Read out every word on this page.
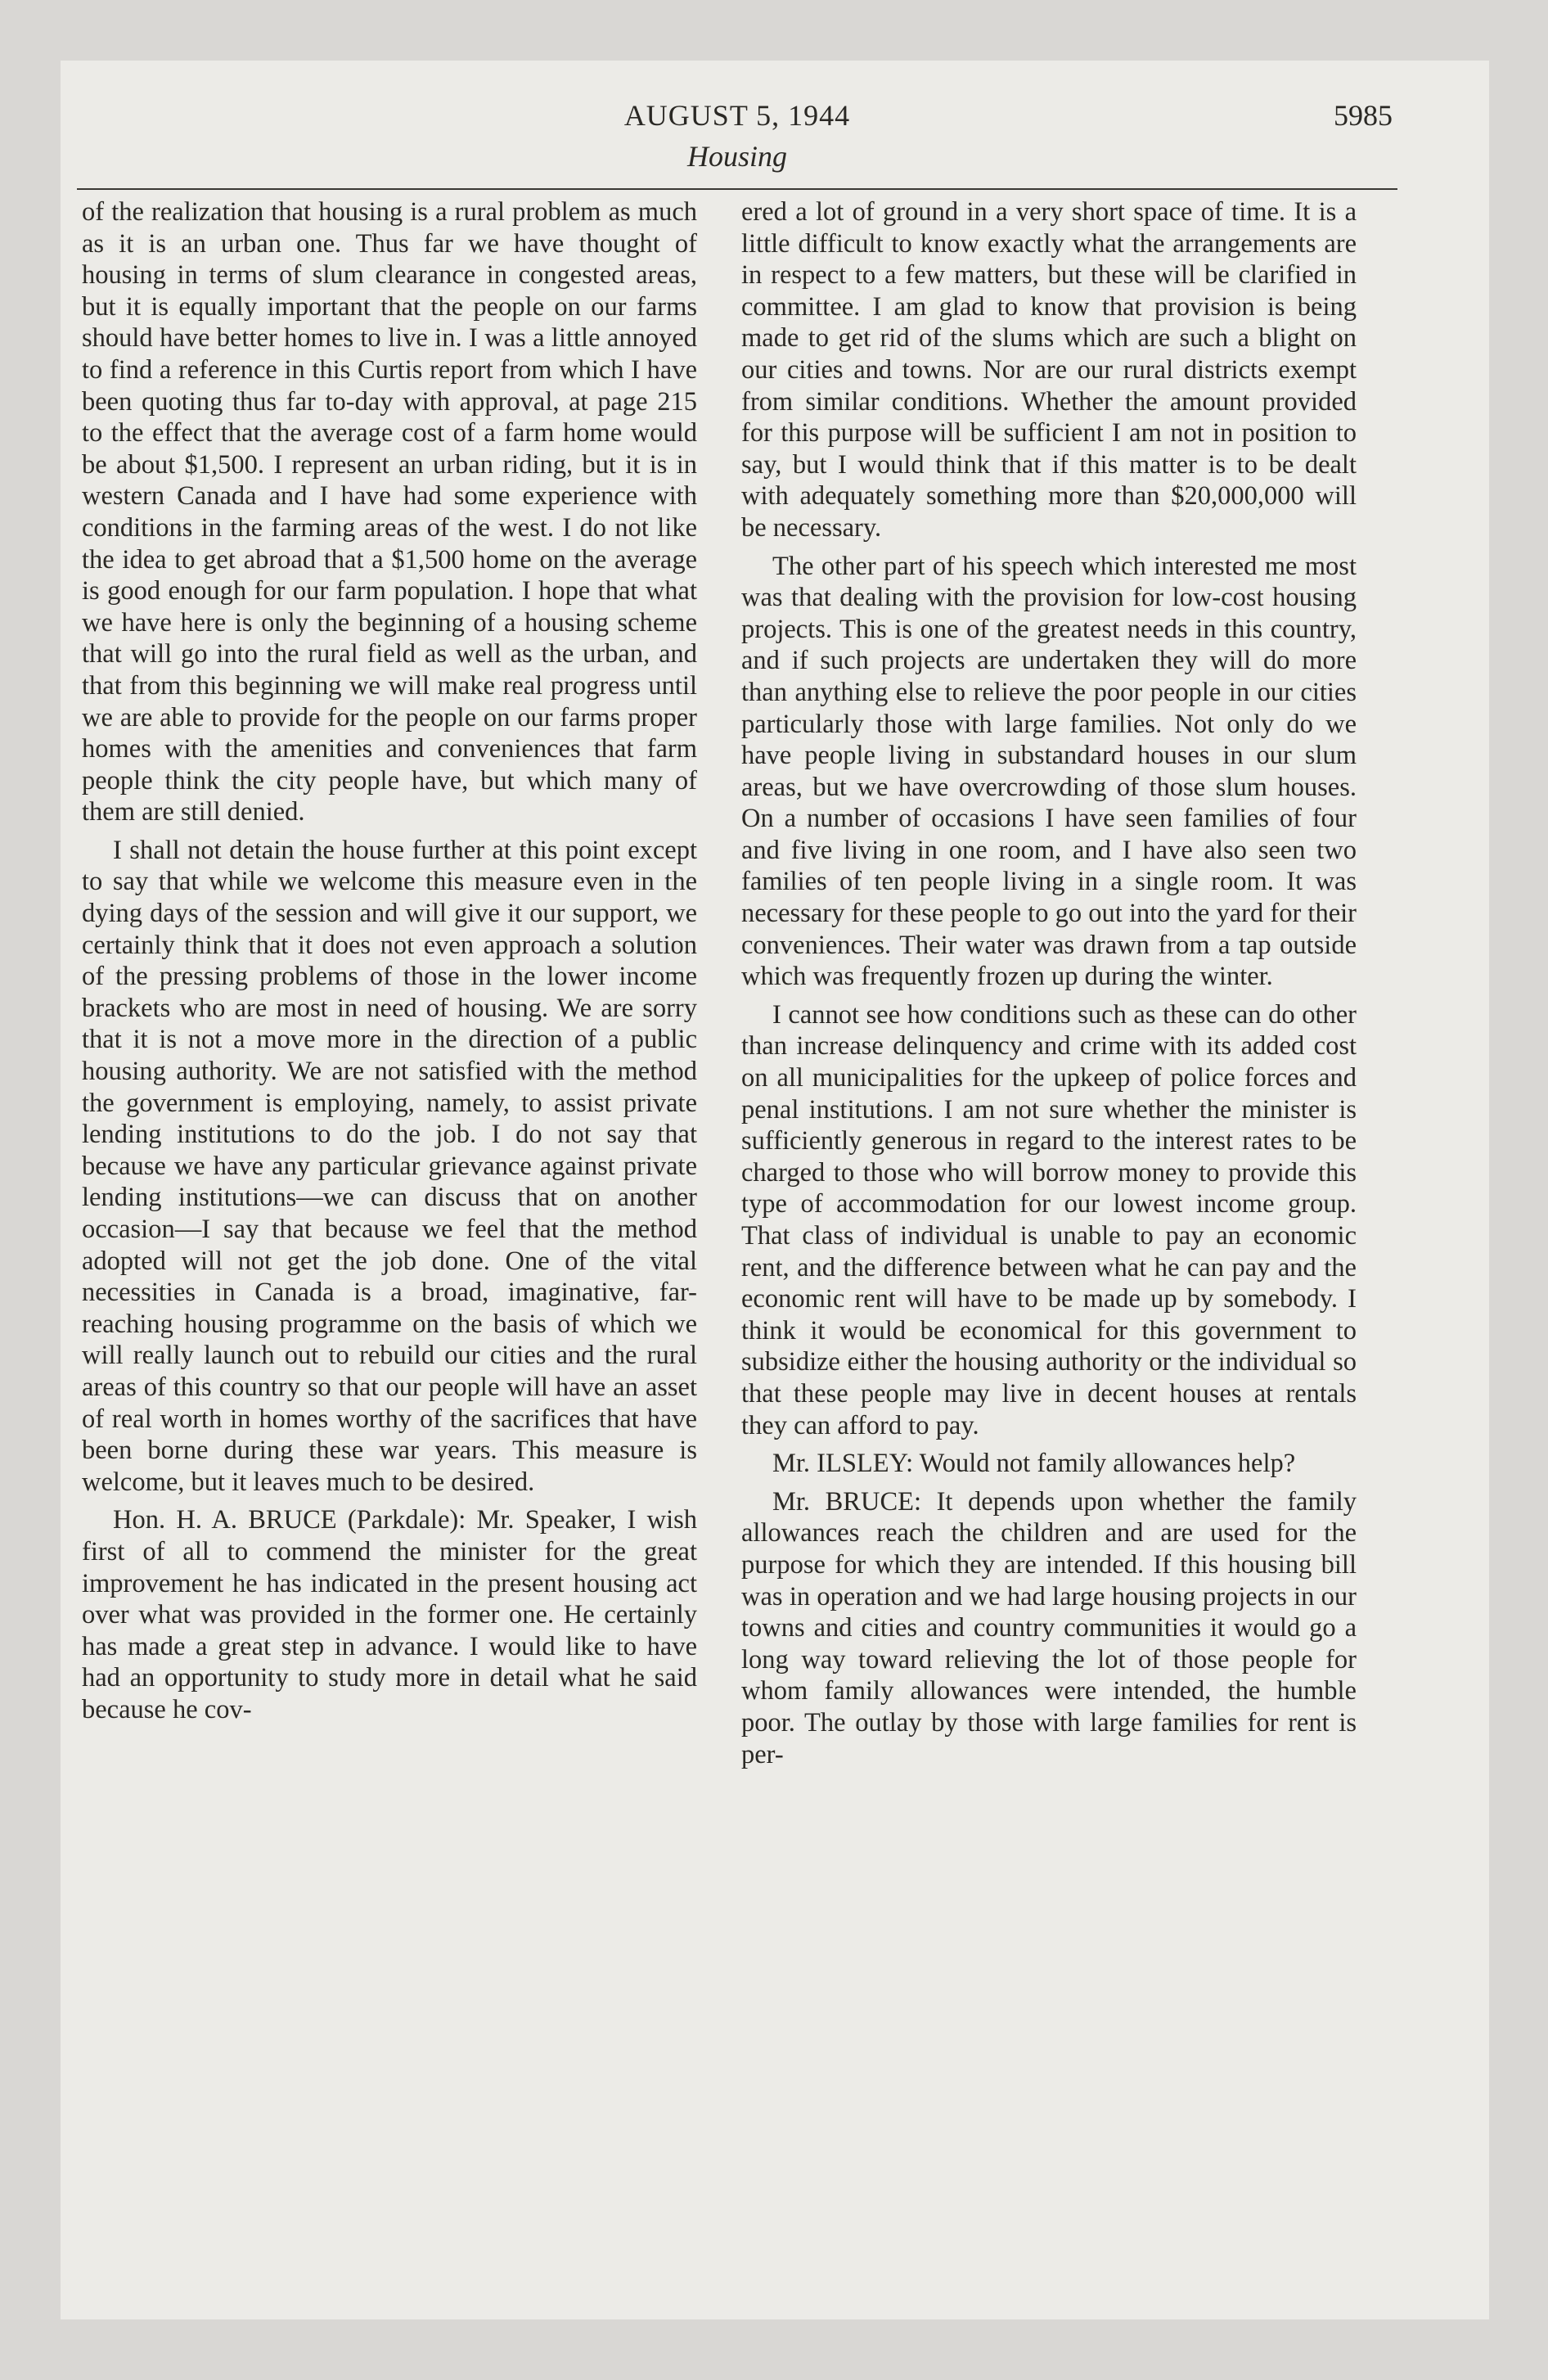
AUGUST 5, 1944	5985
Housing

of the realization that housing is a rural problem as much as it is an urban one. Thus far we have thought of housing in terms of slum clearance in congested areas, but it is equally important that the people on our farms should have better homes to live in. I was a little annoyed to find a reference in this Curtis report from which I have been quoting thus far to-day with approval, at page 215 to the effect that the average cost of a farm home would be about $1,500. I represent an urban riding, but it is in western Canada and I have had some experience with conditions in the farming areas of the west. I do not like the idea to get abroad that a $1,500 home on the average is good enough for our farm population. I hope that what we have here is only the beginning of a housing scheme that will go into the rural field as well as the urban, and that from this beginning we will make real progress until we are able to provide for the people on our farms proper homes with the amenities and conveniences that farm people think the city people have, but which many of them are still denied.

I shall not detain the house further at this point except to say that while we welcome this measure even in the dying days of the session and will give it our support, we certainly think that it does not even approach a solution of the pressing problems of those in the lower income brackets who are most in need of housing. We are sorry that it is not a move more in the direction of a public housing authority. We are not satisfied with the method the government is employing, namely, to assist private lending institutions to do the job. I do not say that because we have any particular grievance against private lending institutions—we can discuss that on another occasion—I say that because we feel that the method adopted will not get the job done. One of the vital necessities in Canada is a broad, imaginative, far-reaching housing programme on the basis of which we will really launch out to rebuild our cities and the rural areas of this country so that our people will have an asset of real worth in homes worthy of the sacrifices that have been borne during these war years. This measure is welcome, but it leaves much to be desired.

Hon. H. A. BRUCE (Parkdale): Mr. Speaker, I wish first of all to commend the minister for the great improvement he has indicated in the present housing act over what was provided in the former one. He certainly has made a great step in advance. I would like to have had an opportunity to study more in detail what he said because he cov-

ered a lot of ground in a very short space of time. It is a little difficult to know exactly what the arrangements are in respect to a few matters, but these will be clarified in committee. I am glad to know that provision is being made to get rid of the slums which are such a blight on our cities and towns. Nor are our rural districts exempt from similar conditions. Whether the amount provided for this purpose will be sufficient I am not in position to say, but I would think that if this matter is to be dealt with adequately something more than $20,000,000 will be necessary.

The other part of his speech which interested me most was that dealing with the provision for low-cost housing projects. This is one of the greatest needs in this country, and if such projects are undertaken they will do more than anything else to relieve the poor people in our cities particularly those with large families. Not only do we have people living in substandard houses in our slum areas, but we have overcrowding of those slum houses. On a number of occasions I have seen families of four and five living in one room, and I have also seen two families of ten people living in a single room. It was necessary for these people to go out into the yard for their conveniences. Their water was drawn from a tap outside which was frequently frozen up during the winter.

I cannot see how conditions such as these can do other than increase delinquency and crime with its added cost on all municipalities for the upkeep of police forces and penal institutions. I am not sure whether the minister is sufficiently generous in regard to the interest rates to be charged to those who will borrow money to provide this type of accommodation for our lowest income group. That class of individual is unable to pay an economic rent, and the difference between what he can pay and the economic rent will have to be made up by somebody. I think it would be economical for this government to subsidize either the housing authority or the individual so that these people may live in decent houses at rentals they can afford to pay.

Mr. ILSLEY: Would not family allowances help?

Mr. BRUCE: It depends upon whether the family allowances reach the children and are used for the purpose for which they are intended. If this housing bill was in operation and we had large housing projects in our towns and cities and country communities it would go a long way toward relieving the lot of those people for whom family allowances were intended, the humble poor. The outlay by those with large families for rent is per-
